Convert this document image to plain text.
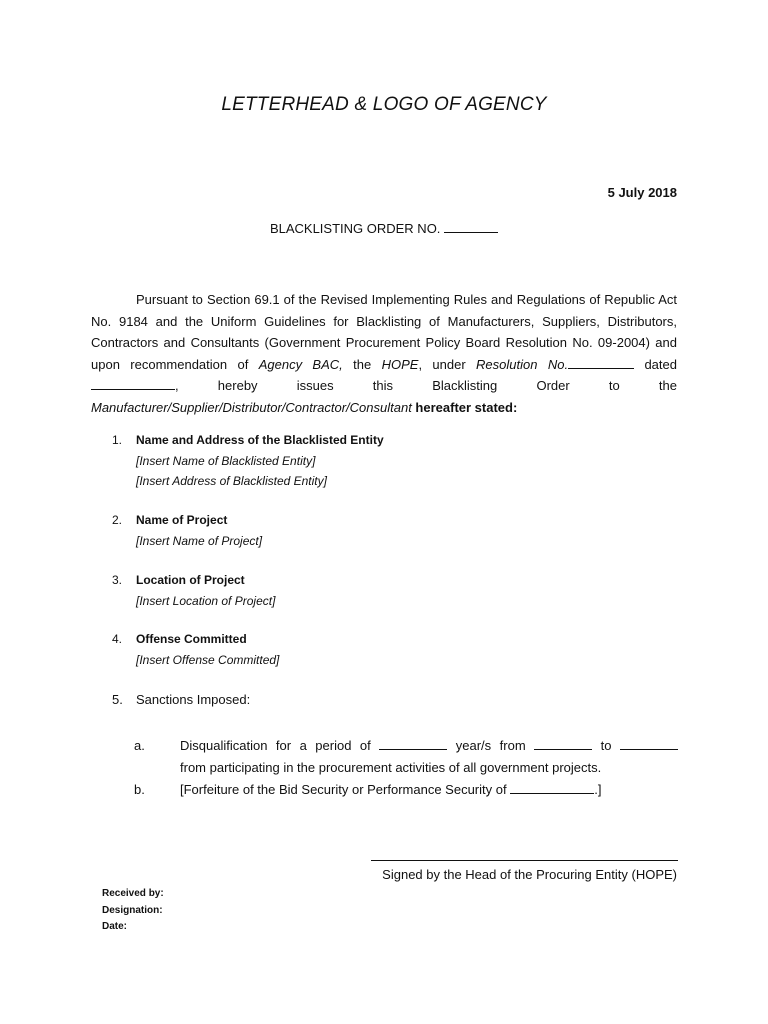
LETTERHEAD & LOGO OF AGENCY
5 July 2018
BLACKLISTING ORDER NO.
Pursuant to Section 69.1 of the Revised Implementing Rules and Regulations of Republic Act No. 9184 and the Uniform Guidelines for Blacklisting of Manufacturers, Suppliers, Distributors, Contractors and Consultants (Government Procurement Policy Board Resolution No. 09-2004) and upon recommendation of Agency BAC, the HOPE, under Resolution No.	dated , hereby issues this Blacklisting Order to the Manufacturer/Supplier/Distributor/Contractor/Consultant hereafter stated:
1.	Name and Address of the Blacklisted Entity
[Insert Name of Blacklisted Entity]
[Insert Address of Blacklisted Entity]
2.	Name of Project
[Insert Name of Project]
3.	Location of Project
[Insert Location of Project]
4.	Offense Committed
[Insert Offense Committed]
5.	Sanctions Imposed:
a.	Disqualification for a period of	year/s from	to
from participating in the procurement activities of all government projects.
b.	[Forfeiture of the Bid Security or Performance Security of	.]
Signed by the Head of the Procuring Entity (HOPE)
Received by:
Designation:
Date:
